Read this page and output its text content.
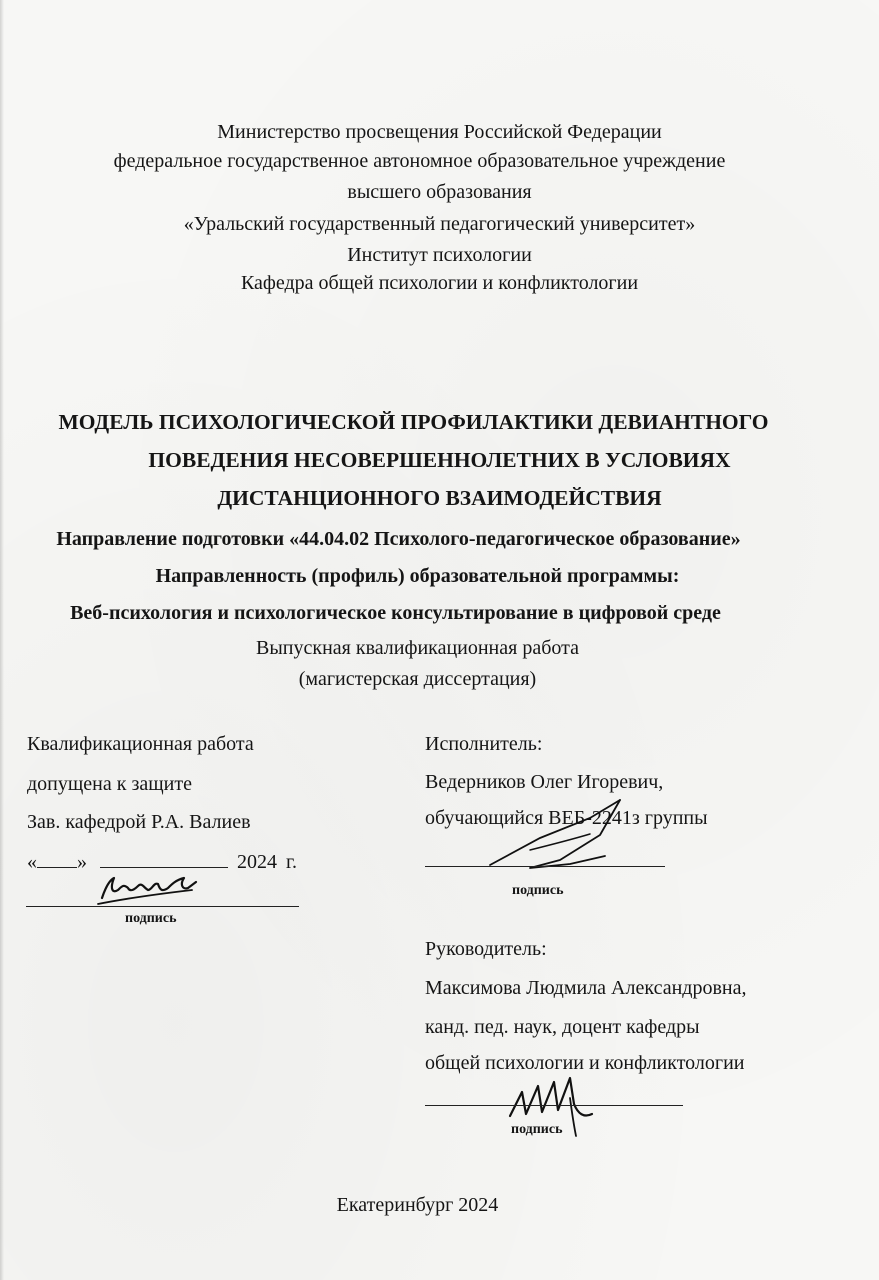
Министерство просвещения Российской Федерации
федеральное государственное автономное образовательное учреждение
высшего образования
«Уральский государственный педагогический университет»
Институт психологии
Кафедра общей психологии и конфликтологии
МОДЕЛЬ ПСИХОЛОГИЧЕСКОЙ ПРОФИЛАКТИКИ ДЕВИАНТНОГО
ПОВЕДЕНИЯ НЕСОВЕРШЕННОЛЕТНИХ В УСЛОВИЯХ
ДИСТАНЦИОННОГО ВЗАИМОДЕЙСТВИЯ
Направление подготовки «44.04.02 Психолого-педагогическое образование»
Направленность (профиль) образовательной программы:
Веб-психология и психологическое консультирование в цифровой среде
Выпускная квалификационная работа
(магистерская диссертация)
Квалификационная работа
допущена к защите
Зав. кафедрой Р.А. Валиев
« »	2024 г.
подпись
Исполнитель:
Ведерников Олег Игоревич,
обучающийся ВЕБ-2241з группы
подпись
Руководитель:
Максимова Людмила Александровна,
канд. пед. наук, доцент кафедры
общей психологии и конфликтологии
подпись
Екатеринбург 2024
